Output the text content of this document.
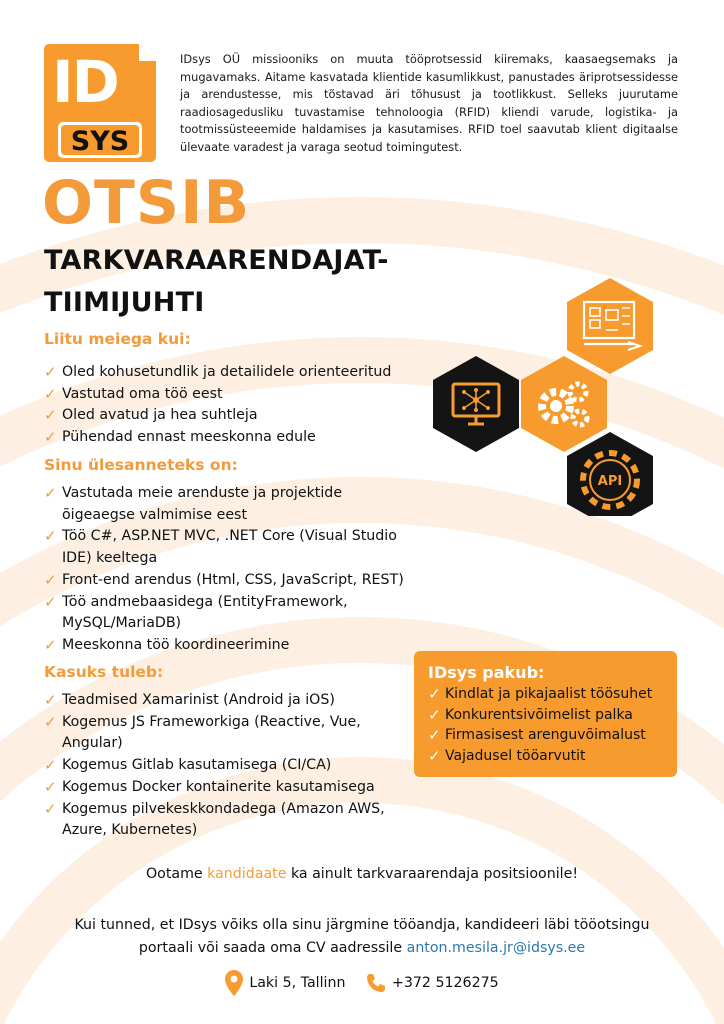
ID
SYS
IDsys OÜ missiooniks on muuta tööprotsessid kiiremaks, kaasaegsemaks ja mugavamaks. Aitame kasvatada klientide kasumlikkust, panustades äriprotsessidesse ja arendustesse, mis tõstavad äri tõhusust ja tootlikkust. Selleks juurutame raadiosagedusliku tuvastamise tehnoloogia (RFID) kliendi varude, logistika- ja tootmissüsteeemide haldamises ja kasutamises. RFID toel saavutab klient digitaalse ülevaate varadest ja varaga seotud toimingutest.
OTSIB
TARKVARAARENDAJAT-
TIIMIJUHTI
Liitu meiega kui:
✓ Oled kohusetundlik ja detailidele orienteeritud
✓ Vastutad oma töö eest
✓ Oled avatud ja hea suhtleja
✓ Pühendad ennast meeskonna edule
Sinu ülesanneteks on:
✓ Vastutada meie arenduste ja projektide õigeaegse valmimise eest
✓ Töö C#, ASP.NET MVC, .NET Core (Visual Studio IDE) keeltega
✓ Front-end arendus (Html, CSS, JavaScript, REST)
✓ Töö andmebaasidega (EntityFramework, MySQL/MariaDB)
✓ Meeskonna töö koordineerimine
Kasuks tuleb:
✓ Teadmised Xamarinist (Android ja iOS)
✓ Kogemus JS Frameworkiga (Reactive, Vue, Angular)
✓ Kogemus Gitlab kasutamisega (CI/CA)
✓ Kogemus Docker kontainerite kasutamisega
✓ Kogemus pilvekeskkondadega (Amazon AWS, Azure, Kubernetes)
API
IDsys pakub:
✓ Kindlat ja pikajaalist töösuhet
✓ Konkurentsivõimelist palka
✓ Firmasisest arenguvõimalust
✓ Vajadusel tööarvutit
Ootame kandidaate ka ainult tarkvaraarendaja positsioonile!
Kui tunned, et IDsys võiks olla sinu järgmine tööandja, kandideeri läbi tööotsingu portaali või saada oma CV aadressile anton.mesila.jr@idsys.ee
Laki 5, Tallinn	+372 5126275
